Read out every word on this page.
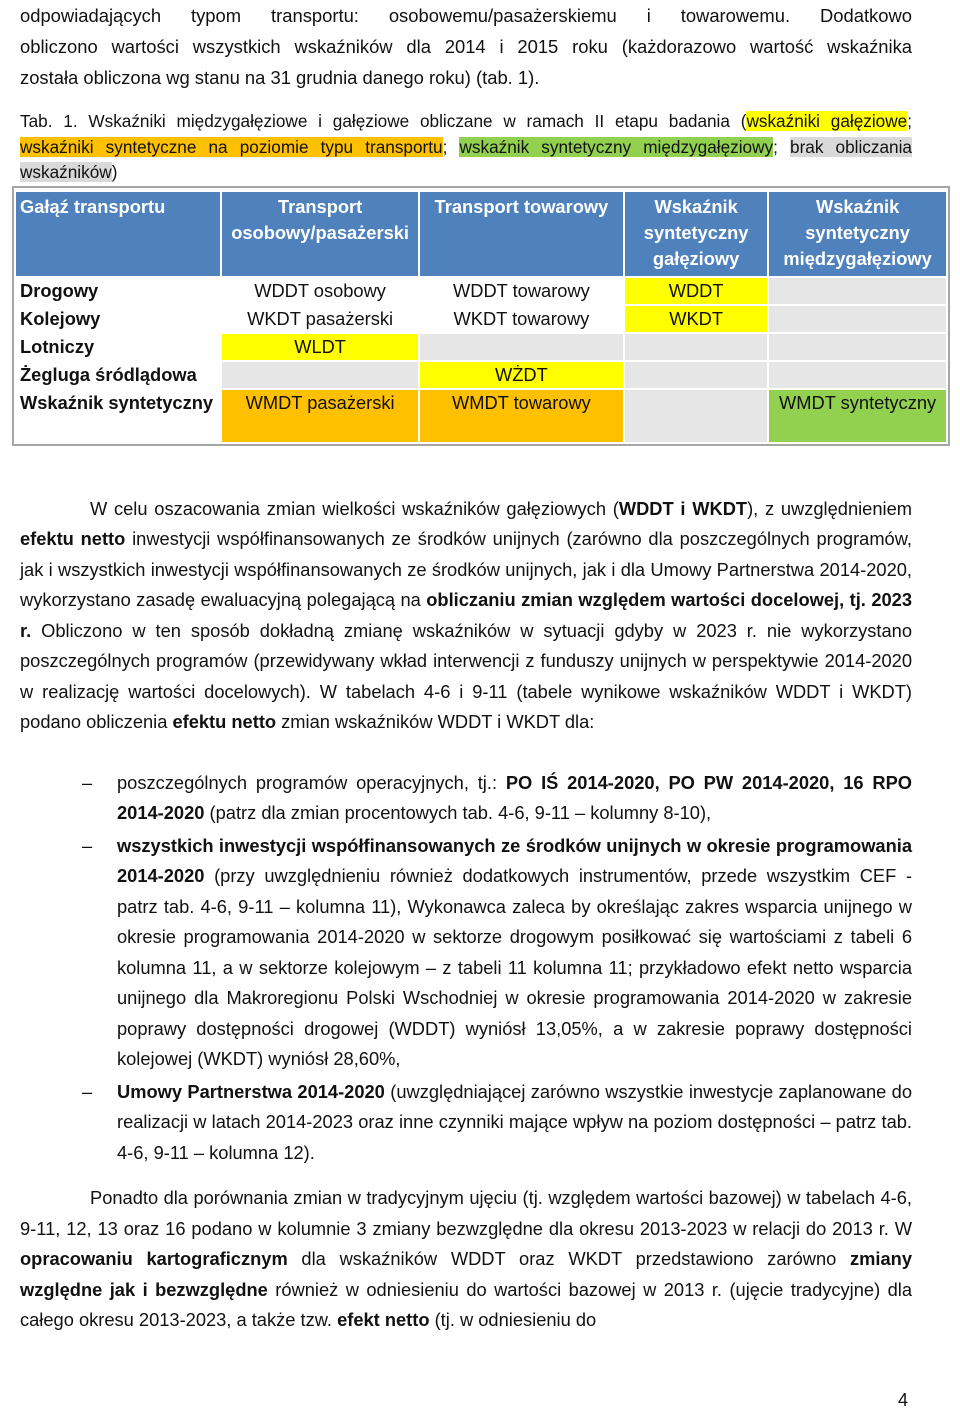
odpowiadających typom transportu: osobowemu/pasażerskiemu i towarowemu. Dodatkowo
obliczono wartości wszystkich wskaźników dla 2014 i 2015 roku (każdorazowo wartość wskaźnika
została obliczona wg stanu na 31 grudnia danego roku) (tab. 1).

Tab. 1. Wskaźniki międzygałęziowe i gałęziowe obliczane w ramach II etapu badania (wskaźniki gałęziowe; wskaźniki syntetyczne na poziomie typu transportu; wskaźnik syntetyczny międzygałęziowy; brak obliczania wskaźników)

Gałąź transportu	Transport osobowy/pasażerski	Transport towarowy	Wskaźnik syntetyczny gałęziowy	Wskaźnik syntetyczny międzygałęziowy
Drogowy	WDDT osobowy	WDDT towarowy	WDDT	
Kolejowy	WKDT pasażerski	WKDT towarowy	WKDT	
Lotniczy	WLDT			
Żegluga śródlądowa		WŻDT		
Wskaźnik syntetyczny	WMDT pasażerski	WMDT towarowy		WMDT syntetyczny

W celu oszacowania zmian wielkości wskaźników gałęziowych (WDDT i WKDT), z uwzględnieniem efektu netto inwestycji współfinansowanych ze środków unijnych (zarówno dla poszczególnych programów, jak i wszystkich inwestycji współfinansowanych ze środków unijnych, jak i dla Umowy Partnerstwa 2014-2020, wykorzystano zasadę ewaluacyjną polegającą na obliczaniu zmian względem wartości docelowej, tj. 2023 r. Obliczono w ten sposób dokładną zmianę wskaźników w sytuacji gdyby w 2023 r. nie wykorzystano poszczególnych programów (przewidywany wkład interwencji z funduszy unijnych w perspektywie 2014-2020 w realizację wartości docelowych). W tabelach 4-6 i 9-11 (tabele wynikowe wskaźników WDDT i WKDT) podano obliczenia efektu netto zmian wskaźników WDDT i WKDT dla:

– poszczególnych programów operacyjnych, tj.: PO IŚ 2014-2020, PO PW 2014-2020, 16 RPO 2014-2020 (patrz dla zmian procentowych tab. 4-6, 9-11 – kolumny 8-10),
– wszystkich inwestycji współfinansowanych ze środków unijnych w okresie programowania 2014-2020 (przy uwzględnieniu również dodatkowych instrumentów, przede wszystkim CEF - patrz tab. 4-6, 9-11 – kolumna 11), Wykonawca zaleca by określając zakres wsparcia unijnego w okresie programowania 2014-2020 w sektorze drogowym posiłkować się wartościami z tabeli 6 kolumna 11, a w sektorze kolejowym – z tabeli 11 kolumna 11; przykładowo efekt netto wsparcia unijnego dla Makroregionu Polski Wschodniej w okresie programowania 2014-2020 w zakresie poprawy dostępności drogowej (WDDT) wyniósł 13,05%, a w zakresie poprawy dostępności kolejowej (WKDT) wyniósł 28,60%,
– Umowy Partnerstwa 2014-2020 (uwzględniającej zarówno wszystkie inwestycje zaplanowane do realizacji w latach 2014-2023 oraz inne czynniki mające wpływ na poziom dostępności – patrz tab. 4-6, 9-11 – kolumna 12).

Ponadto dla porównania zmian w tradycyjnym ujęciu (tj. względem wartości bazowej) w tabelach 4-6, 9-11, 12, 13 oraz 16 podano w kolumnie 3 zmiany bezwzględne dla okresu 2013-2023 w relacji do 2013 r. W opracowaniu kartograficznym dla wskaźników WDDT oraz WKDT przedstawiono zarówno zmiany względne jak i bezwzględne również w odniesieniu do wartości bazowej w 2013 r. (ujęcie tradycyjne) dla całego okresu 2013-2023, a także tzw. efekt netto (tj. w odniesieniu do

4
